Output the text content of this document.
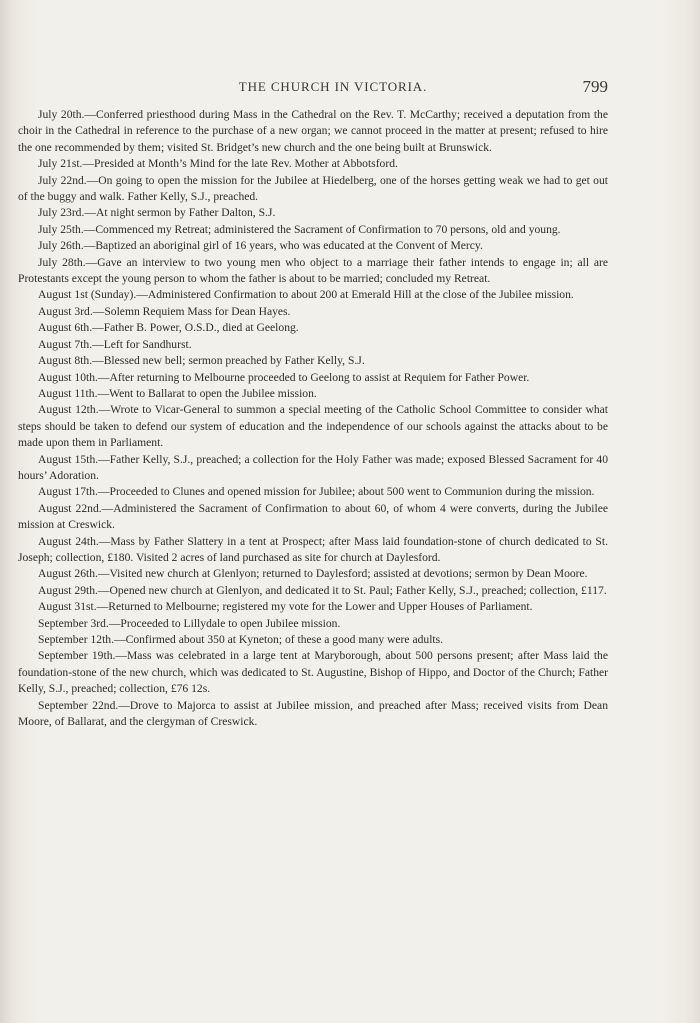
THE CHURCH IN VICTORIA.	799

July 20th.—Conferred priesthood during Mass in the Cathedral on the Rev. T. McCarthy; received a deputation from the choir in the Cathedral in reference to the purchase of a new organ; we cannot proceed in the matter at present; refused to hire the one recommended by them; visited St. Bridget’s new church and the one being built at Brunswick.

July 21st.—Presided at Month’s Mind for the late Rev. Mother at Abbotsford.

July 22nd.—On going to open the mission for the Jubilee at Hiedelberg, one of the horses getting weak we had to get out of the buggy and walk. Father Kelly, S.J., preached.

July 23rd.—At night sermon by Father Dalton, S.J.

July 25th.—Commenced my Retreat; administered the Sacrament of Confirmation to 70 persons, old and young.

July 26th.—Baptized an aboriginal girl of 16 years, who was educated at the Convent of Mercy.

July 28th.—Gave an interview to two young men who object to a marriage their father intends to engage in; all are Protestants except the young person to whom the father is about to be married; concluded my Retreat.

August 1st (Sunday).—Administered Confirmation to about 200 at Emerald Hill at the close of the Jubilee mission.

August 3rd.—Solemn Requiem Mass for Dean Hayes.

August 6th.—Father B. Power, O.S.D., died at Geelong.

August 7th.—Left for Sandhurst.

August 8th.—Blessed new bell; sermon preached by Father Kelly, S.J.

August 10th.—After returning to Melbourne proceeded to Geelong to assist at Requiem for Father Power.

August 11th.—Went to Ballarat to open the Jubilee mission.

August 12th.—Wrote to Vicar-General to summon a special meeting of the Catholic School Committee to consider what steps should be taken to defend our system of education and the independence of our schools against the attacks about to be made upon them in Parliament.

August 15th.—Father Kelly, S.J., preached; a collection for the Holy Father was made; exposed Blessed Sacrament for 40 hours’ Adoration.

August 17th.—Proceeded to Clunes and opened mission for Jubilee; about 500 went to Communion during the mission.

August 22nd.—Administered the Sacrament of Confirmation to about 60, of whom 4 were converts, during the Jubilee mission at Creswick.

August 24th.—Mass by Father Slattery in a tent at Prospect; after Mass laid foundation-stone of church dedicated to St. Joseph; collection, £180. Visited 2 acres of land purchased as site for church at Daylesford.

August 26th.—Visited new church at Glenlyon; returned to Daylesford; assisted at devotions; sermon by Dean Moore.

August 29th.—Opened new church at Glenlyon, and dedicated it to St. Paul; Father Kelly, S.J., preached; collection, £117.

August 31st.—Returned to Melbourne; registered my vote for the Lower and Upper Houses of Parliament.

September 3rd.—Proceeded to Lillydale to open Jubilee mission.

September 12th.—Confirmed about 350 at Kyneton; of these a good many were adults.

September 19th.—Mass was celebrated in a large tent at Maryborough, about 500 persons present; after Mass laid the foundation-stone of the new church, which was dedicated to St. Augustine, Bishop of Hippo, and Doctor of the Church; Father Kelly, S.J., preached; collection, £76 12s.

September 22nd.—Drove to Majorca to assist at Jubilee mission, and preached after Mass; received visits from Dean Moore, of Ballarat, and the clergyman of Creswick.
